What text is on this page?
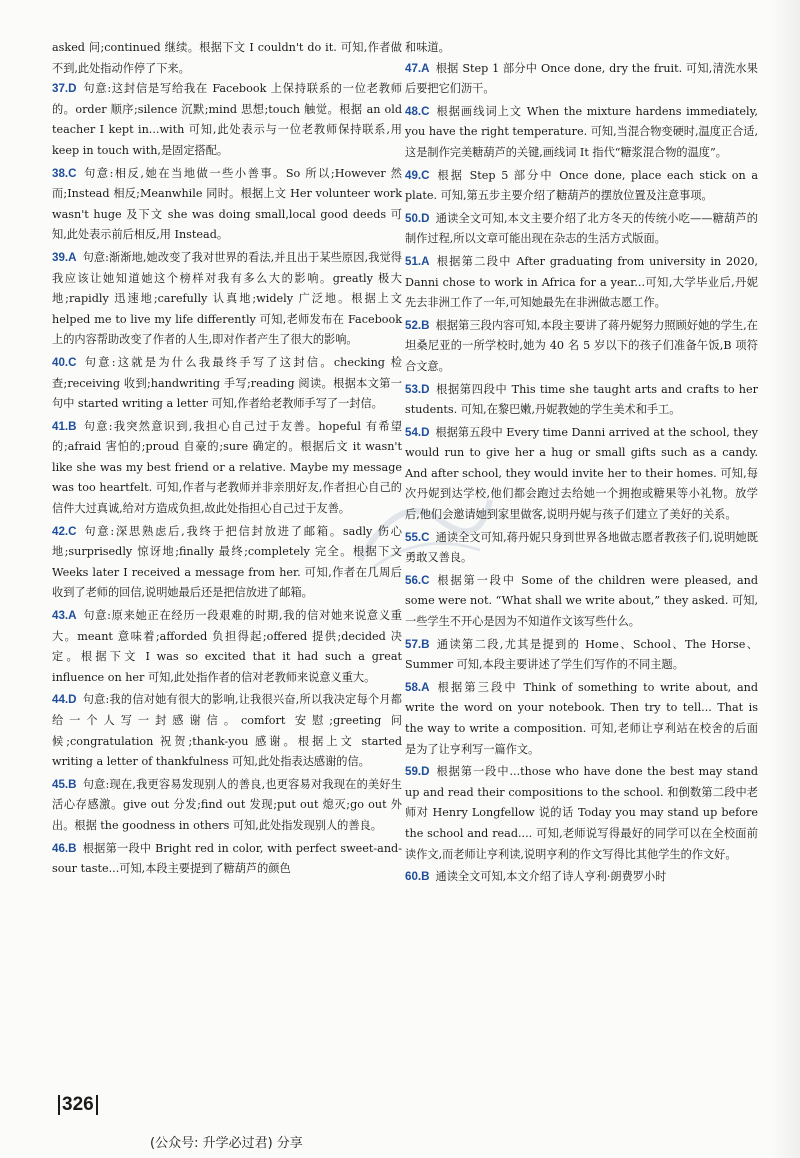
asked 问;continued 继续。根据下文 I couldn't do it. 可知,作者做不到,此处指动作停了下来。

37.D 句意:这封信是写给我在 Facebook 上保持联系的一位老教师的。order 顺序;silence 沉默;mind 思想;touch 触觉。根据 an old teacher I kept in...with 可知,此处表示与一位老教师保持联系,用 keep in touch with,是固定搭配。

38.C 句意:相反,她在当地做一些小善事。So 所以;However 然而;Instead 相反;Meanwhile 同时。根据上文 Her volunteer work wasn't huge 及下文 she was doing small,local good deeds 可知,此处表示前后相反,用 Instead。

39.A 句意:渐渐地,她改变了我对世界的看法,并且出于某些原因,我觉得我应该让她知道她这个榜样对我有多么大的影响。greatly 极大地;rapidly 迅速地;carefully 认真地;widely 广泛地。根据上文 helped me to live my life differently 可知,老师发布在 Facebook 上的内容帮助改变了作者的人生,即对作者产生了很大的影响。

40.C 句意:这就是为什么我最终手写了这封信。checking 检查;receiving 收到;handwriting 手写;reading 阅读。根据本文第一句中 started writing a letter 可知,作者给老教师手写了一封信。

41.B 句意:我突然意识到,我担心自己过于友善。hopeful 有希望的;afraid 害怕的;proud 自豪的;sure 确定的。根据后文 it wasn't like she was my best friend or a relative. Maybe my message was too heartfelt. 可知,作者与老教师并非亲朋好友,作者担心自己的信件大过真诚,给对方造成负担,故此处指担心自己过于友善。

42.C 句意:深思熟虑后,我终于把信封放进了邮箱。sadly 伤心地;surprisedly 惊讶地;finally 最终;completely 完全。根据下文 Weeks later I received a message from her. 可知,作者在几周后收到了老师的回信,说明她最后还是把信放进了邮箱。

43.A 句意:原来她正在经历一段艰难的时期,我的信对她来说意义重大。meant 意味着;afforded 负担得起;offered 提供;decided 决定。根据下文 I was so excited that it had such a great influence on her 可知,此处指作者的信对老教师来说意义重大。

44.D 句意:我的信对她有很大的影响,让我很兴奋,所以我决定每个月都给一个人写一封感谢信。comfort 安慰;greeting 问候;congratulation 祝贺;thank-you 感谢。根据上文 started writing a letter of thankfulness 可知,此处指表达感谢的信。

45.B 句意:现在,我更容易发现别人的善良,也更容易对我现在的美好生活心存感激。give out 分发;find out 发现;put out 熄灭;go out 外出。根据 the goodness in others 可知,此处指发现别人的善良。

46.B 根据第一段中 Bright red in color, with perfect sweet-and-sour taste...可知,本段主要提到了糖葫芦的颜色

和味道。

47.A 根据 Step 1 部分中 Once done, dry the fruit. 可知,清洗水果后要把它们沥干。

48.C 根据画线词上文 When the mixture hardens immediately, you have the right temperature. 可知,当混合物变硬时,温度正合适,这是制作完美糖葫芦的关键,画线词 It 指代“糖浆混合物的温度”。

49.C 根据 Step 5 部分中 Once done, place each stick on a plate. 可知,第五步主要介绍了糖葫芦的摆放位置及注意事项。

50.D 通读全文可知,本文主要介绍了北方冬天的传统小吃——糖葫芦的制作过程,所以文章可能出现在杂志的生活方式版面。

51.A 根据第二段中 After graduating from university in 2020, Danni chose to work in Africa for a year...可知,大学毕业后,丹妮先去非洲工作了一年,可知她最先在非洲做志愿工作。

52.B 根据第三段内容可知,本段主要讲了蒋丹妮努力照顾好她的学生,在坦桑尼亚的一所学校时,她为 40 名 5 岁以下的孩子们准备午饭,B 项符合文意。

53.D 根据第四段中 This time she taught arts and crafts to her students. 可知,在黎巴嫩,丹妮教她的学生美术和手工。

54.D 根据第五段中 Every time Danni arrived at the school, they would run to give her a hug or small gifts such as a candy. And after school, they would invite her to their homes. 可知,每次丹妮到达学校,他们都会跑过去给她一个拥抱或糖果等小礼物。放学后,他们会邀请她到家里做客,说明丹妮与孩子们建立了美好的关系。

55.C 通读全文可知,蒋丹妮只身到世界各地做志愿者教孩子们,说明她既勇敢又善良。

56.C 根据第一段中 Some of the children were pleased, and some were not. “What shall we write about,” they asked. 可知,一些学生不开心是因为不知道作文该写些什么。

57.B 通读第二段,尤其是提到的 Home、School、The Horse、Summer 可知,本段主要讲述了学生们写作的不同主题。

58.A 根据第三段中 Think of something to write about, and write the word on your notebook. Then try to tell... That is the way to write a composition. 可知,老师让亨利站在校舍的后面是为了让亨利写一篇作文。

59.D 根据第一段中...those who have done the best may stand up and read their compositions to the school. 和倒数第二段中老师对 Henry Longfellow 说的话 Today you may stand up before the school and read.... 可知,老师说写得最好的同学可以在全校面前读作文,而老师让亨利读,说明亨利的作文写得比其他学生的作文好。

60.B 通读全文可知,本文介绍了诗人亨利·朗费罗小时

326
(公众号: 升学必过君) 分享
